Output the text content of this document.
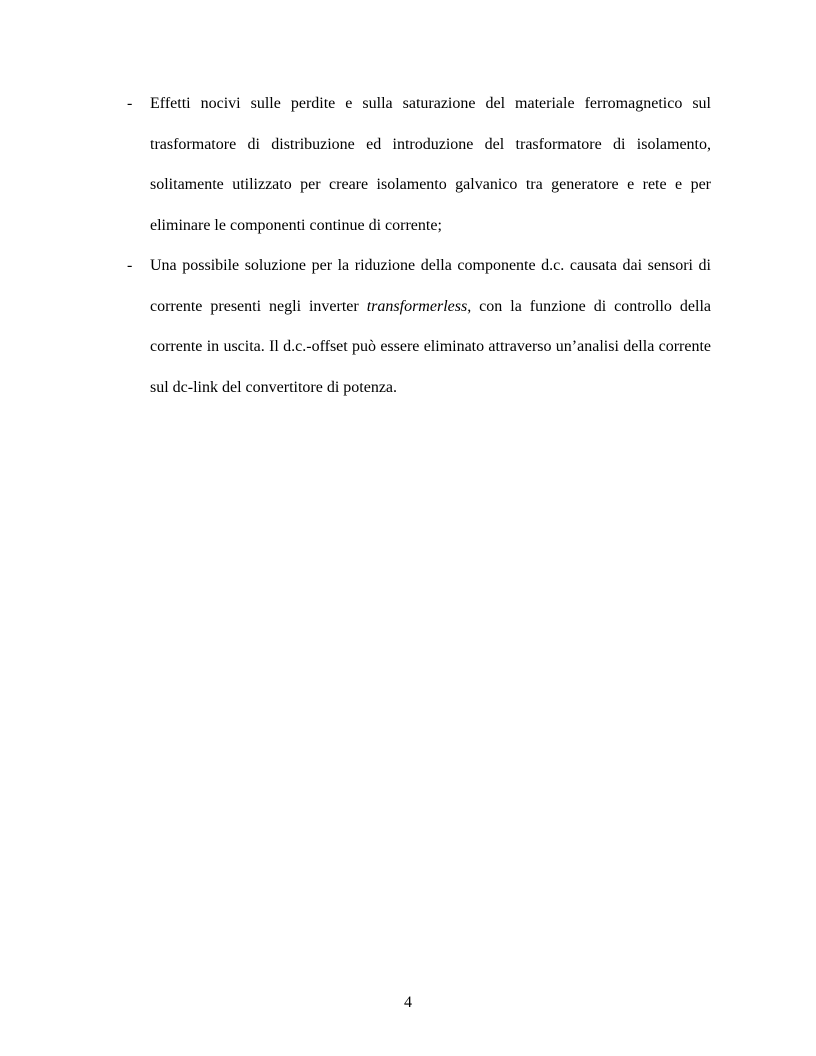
- Effetti nocivi sulle perdite e sulla saturazione del materiale ferromagnetico sul trasformatore di distribuzione ed introduzione del trasformatore di isolamento, solitamente utilizzato per creare isolamento galvanico tra generatore e rete e per eliminare le componenti continue di corrente;
- Una possibile soluzione per la riduzione della componente d.c. causata dai sensori di corrente presenti negli inverter transformerless, con la funzione di controllo della corrente in uscita. Il d.c.-offset può essere eliminato attraverso un’analisi della corrente sul dc-link del convertitore di potenza.
4
